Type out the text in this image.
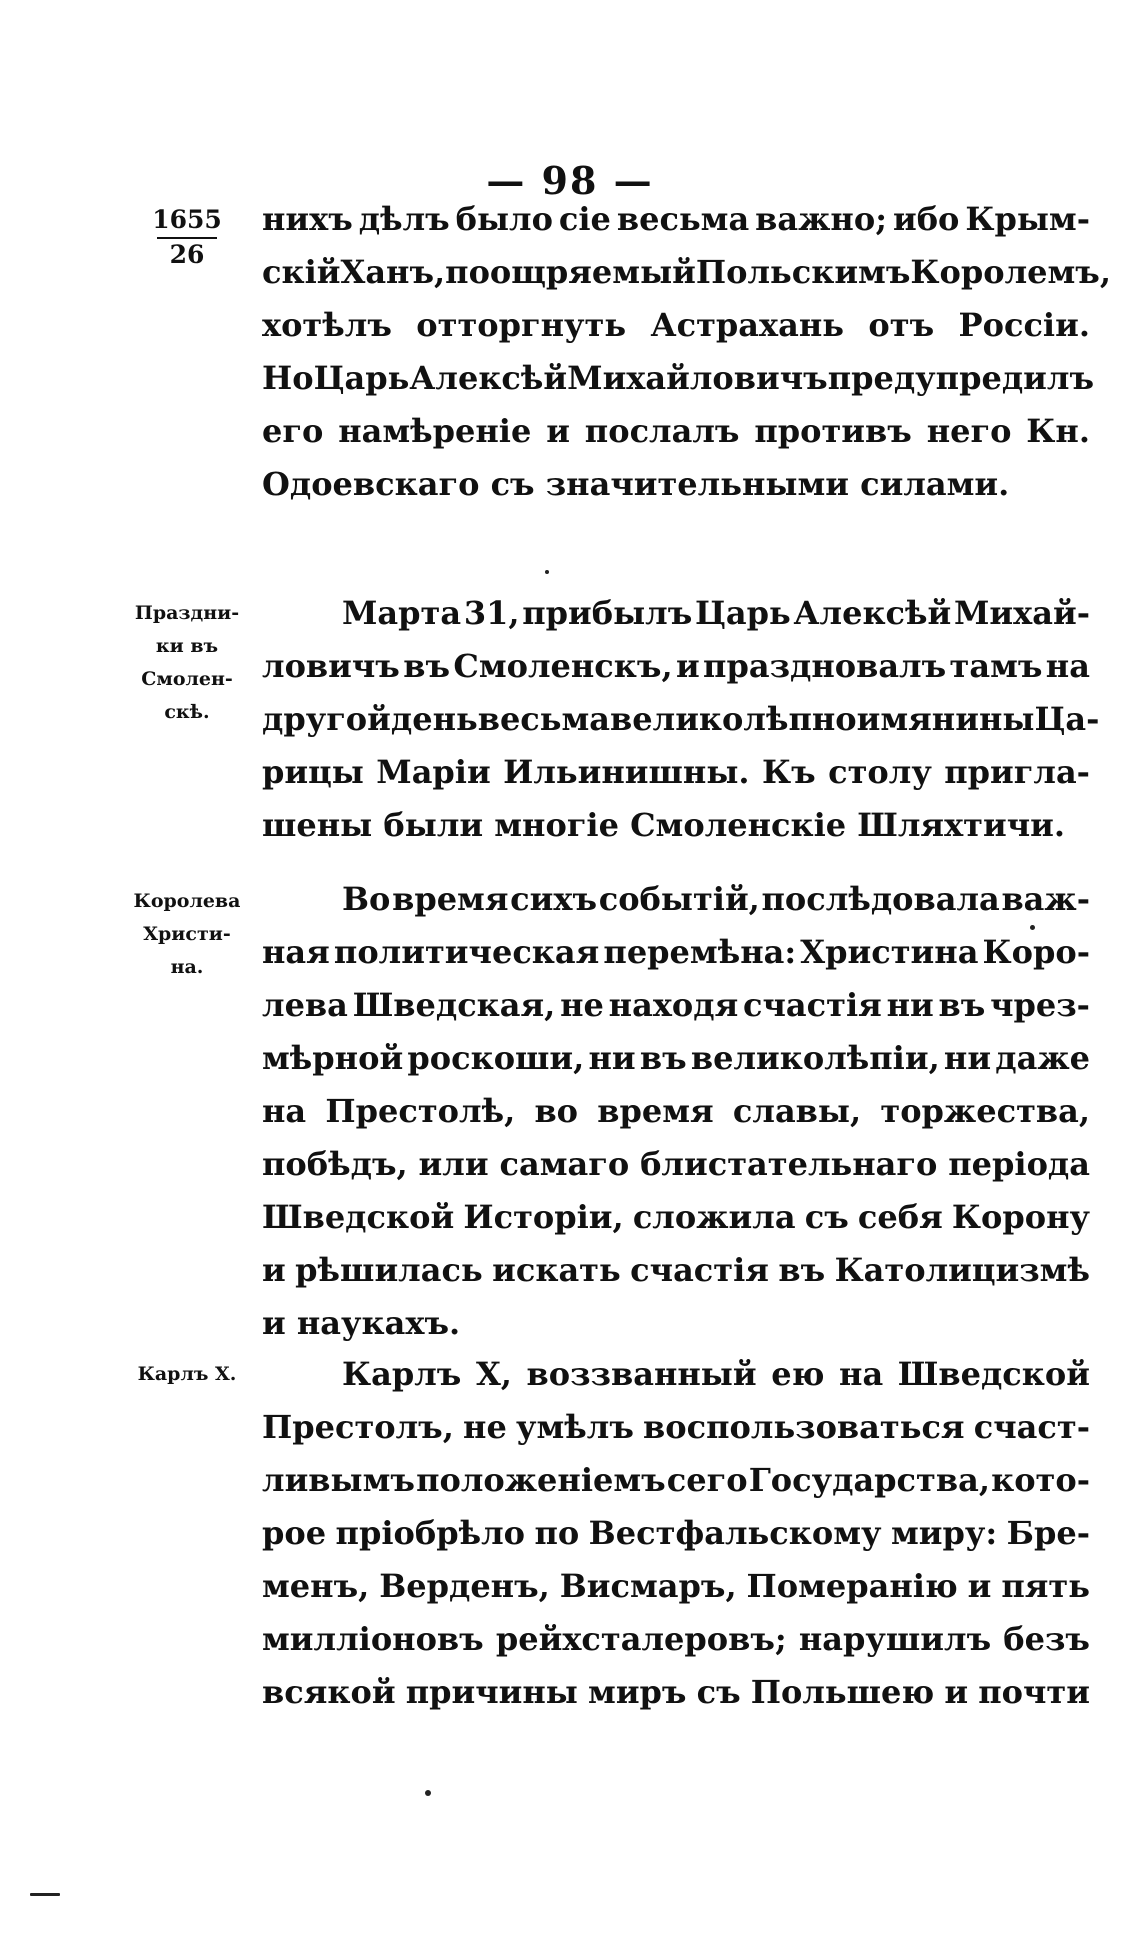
— 98 —
1655
26
нихъ дѣлъ было сіе весьма важно; ибо Крым-
скій Ханъ, поощряемый Польскимъ Королемъ,
хотѣлъ отторгнуть Астрахань отъ Россіи.
Но Царь Алексѣй Михайловичъ предупредилъ
его намѣреніе и послалъ противъ него Кн.
Одоевскаго съ значительными силами.
Праздни-
ки въ
Смолен-
скѣ.
Марта 31, прибылъ Царь Алексѣй Михай-
ловичъ въ Смоленскъ, и праздновалъ тамъ на
другой день весьма великолѣпно имянины Ца-
рицы Маріи Ильинишны. Къ столу пригла-
шены были многіе Смоленскіе Шляхтичи.
Королева
Христи-
на.
Во время сихъ событій, послѣдовала важ-
ная политическая перемѣна: Христина Коро-
лева Шведская, не находя счастія ни въ чрез-
мѣрной роскоши, ни въ великолѣпіи, ни даже
на Престолѣ, во время славы, торжества,
побѣдъ, или самаго блистательнаго періода
Шведской Исторіи, сложила съ себя Корону
и рѣшилась искать счастія въ Католицизмѣ
и наукахъ.
Карлъ X.	Карлъ X, воззванный ею на Шведской
Престолъ, не умѣлъ воспользоваться счаст-
ливымъ положеніемъ сего Государства, кото-
рое пріобрѣло по Вестфальскому миру: Бре-
менъ, Верденъ, Висмаръ, Померанію и пять
милліоновъ рейхсталеровъ; нарушилъ безъ
всякой причины миръ съ Польшею и почти
